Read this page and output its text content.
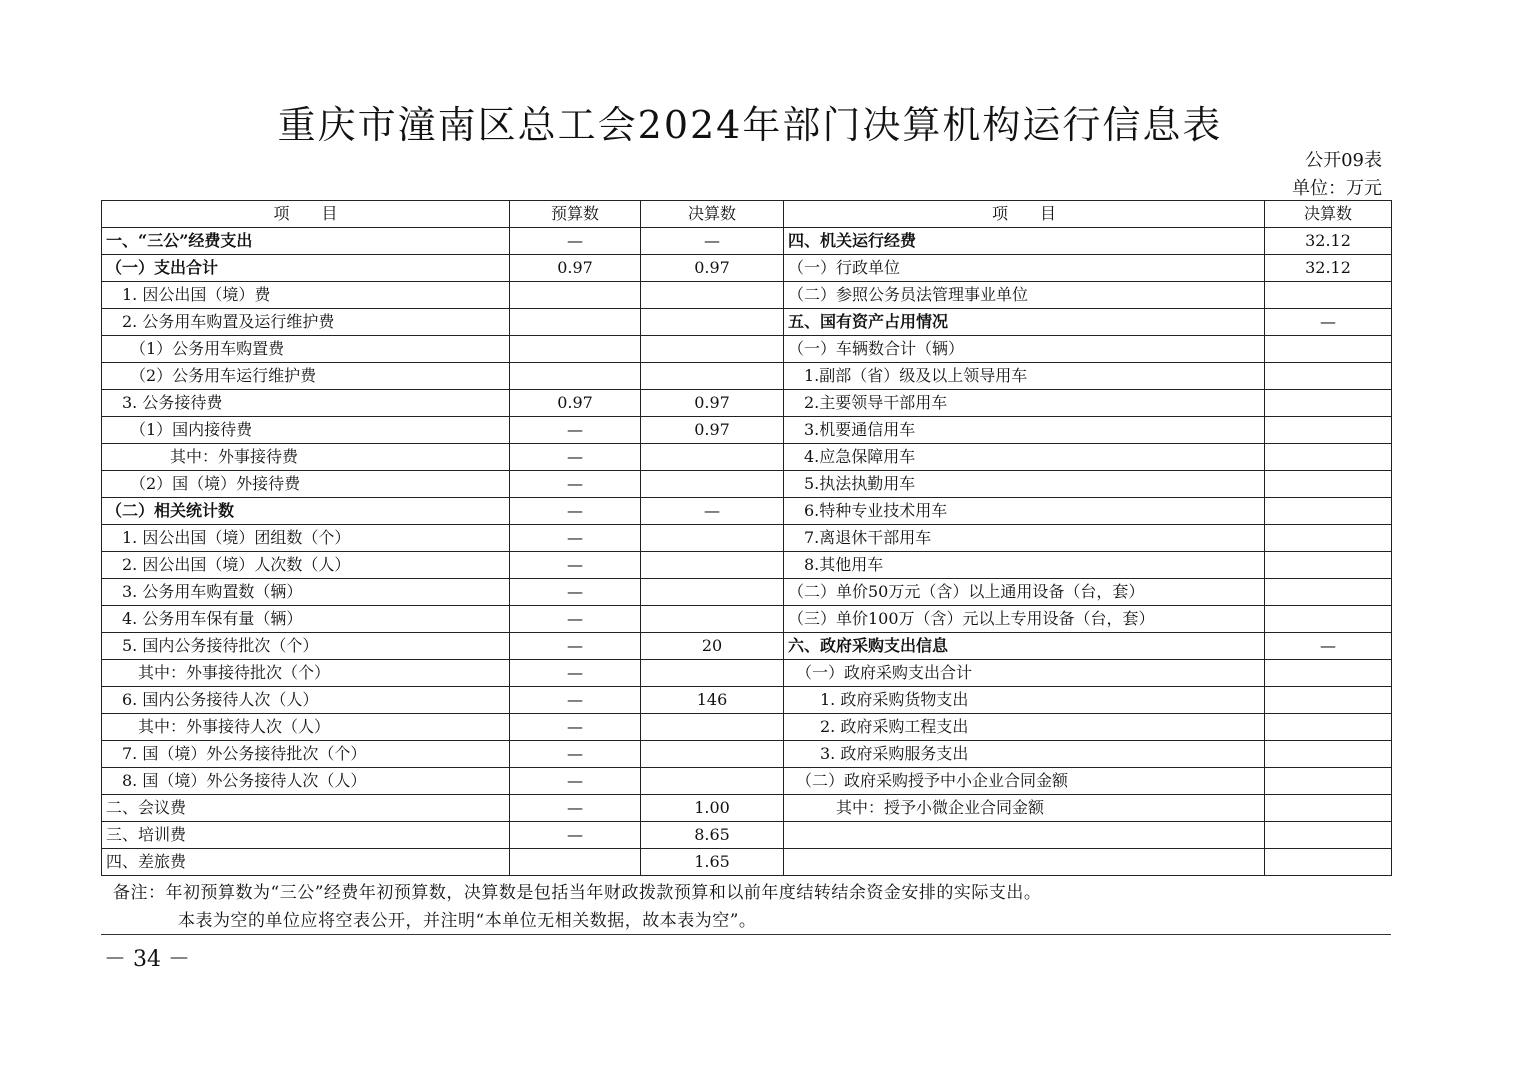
重庆市潼南区总工会2024年部门决算机构运行信息表
公开09表
单位：万元
项　　目	预算数	决算数	项　　目	决算数
一、“三公”经费支出	—	—	四、机关运行经费	32.12
（一）支出合计	0.97	0.97	（一）行政单位	32.12
　1. 因公出国（境）费			（二）参照公务员法管理事业单位	
　2. 公务用车购置及运行维护费			五、国有资产占用情况	—
　　（1）公务用车购置费			（一）车辆数合计（辆）	
　　（2）公务用车运行维护费			　1.副部（省）级及以上领导用车	
　3. 公务接待费	0.97	0.97	　2.主要领导干部用车	
　　（1）国内接待费	—	0.97	　3.机要通信用车	
　　　　其中：外事接待费	—		　4.应急保障用车	
　　（2）国（境）外接待费	—		　5.执法执勤用车	
（二）相关统计数	—	—	　6.特种专业技术用车	
　1. 因公出国（境）团组数（个）	—		　7.离退休干部用车	
　2. 因公出国（境）人次数（人）	—		　8.其他用车	
　3. 公务用车购置数（辆）	—		（二）单价50万元（含）以上通用设备（台，套）	
　4. 公务用车保有量（辆）	—		（三）单价100万（含）元以上专用设备（台，套）	
　5. 国内公务接待批次（个）	—	20	六、政府采购支出信息	—
　　其中：外事接待批次（个）	—		　（一）政府采购支出合计	
　6. 国内公务接待人次（人）	—	146	　　1. 政府采购货物支出	
　　其中：外事接待人次（人）	—		　　2. 政府采购工程支出	
　7. 国（境）外公务接待批次（个）	—		　　3. 政府采购服务支出	
　8. 国（境）外公务接待人次（人）	—		　（二）政府采购授予中小企业合同金额	
二、会议费	—	1.00	　　　其中：授予小微企业合同金额	
三、培训费	—	8.65		
四、差旅费		1.65		
备注：年初预算数为“三公”经费年初预算数，决算数是包括当年财政拨款预算和以前年度结转结余资金安排的实际支出。
本表为空的单位应将空表公开，并注明“本单位无相关数据，故本表为空”。
－ 34 －
